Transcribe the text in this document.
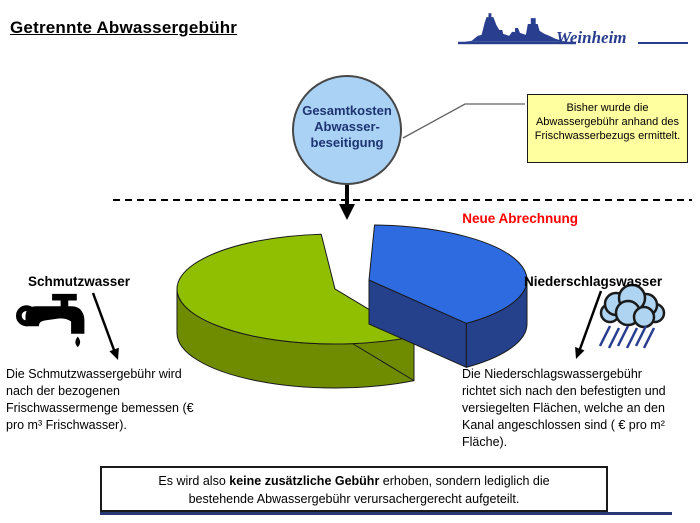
Getrennte Abwassergebühr
Weinheim
Gesamtkosten
Abwasser-
beseitigung
Bisher wurde die Abwassergebühr anhand des Frischwasserbezugs ermittelt.
Neue Abrechnung
Schmutzwasser	Niederschlagswasser
Die Schmutzwassergebühr wird nach der bezogenen Frischwassermenge bemessen (€ pro m³ Frischwasser).
Die Niederschlagswassergebühr richtet sich nach den befestigten und versiegelten Flächen, welche an den Kanal angeschlossen sind ( € pro m² Fläche).
Es wird also keine zusätzliche Gebühr erhoben, sondern lediglich die
bestehende Abwassergebühr verursachergerecht aufgeteilt.
